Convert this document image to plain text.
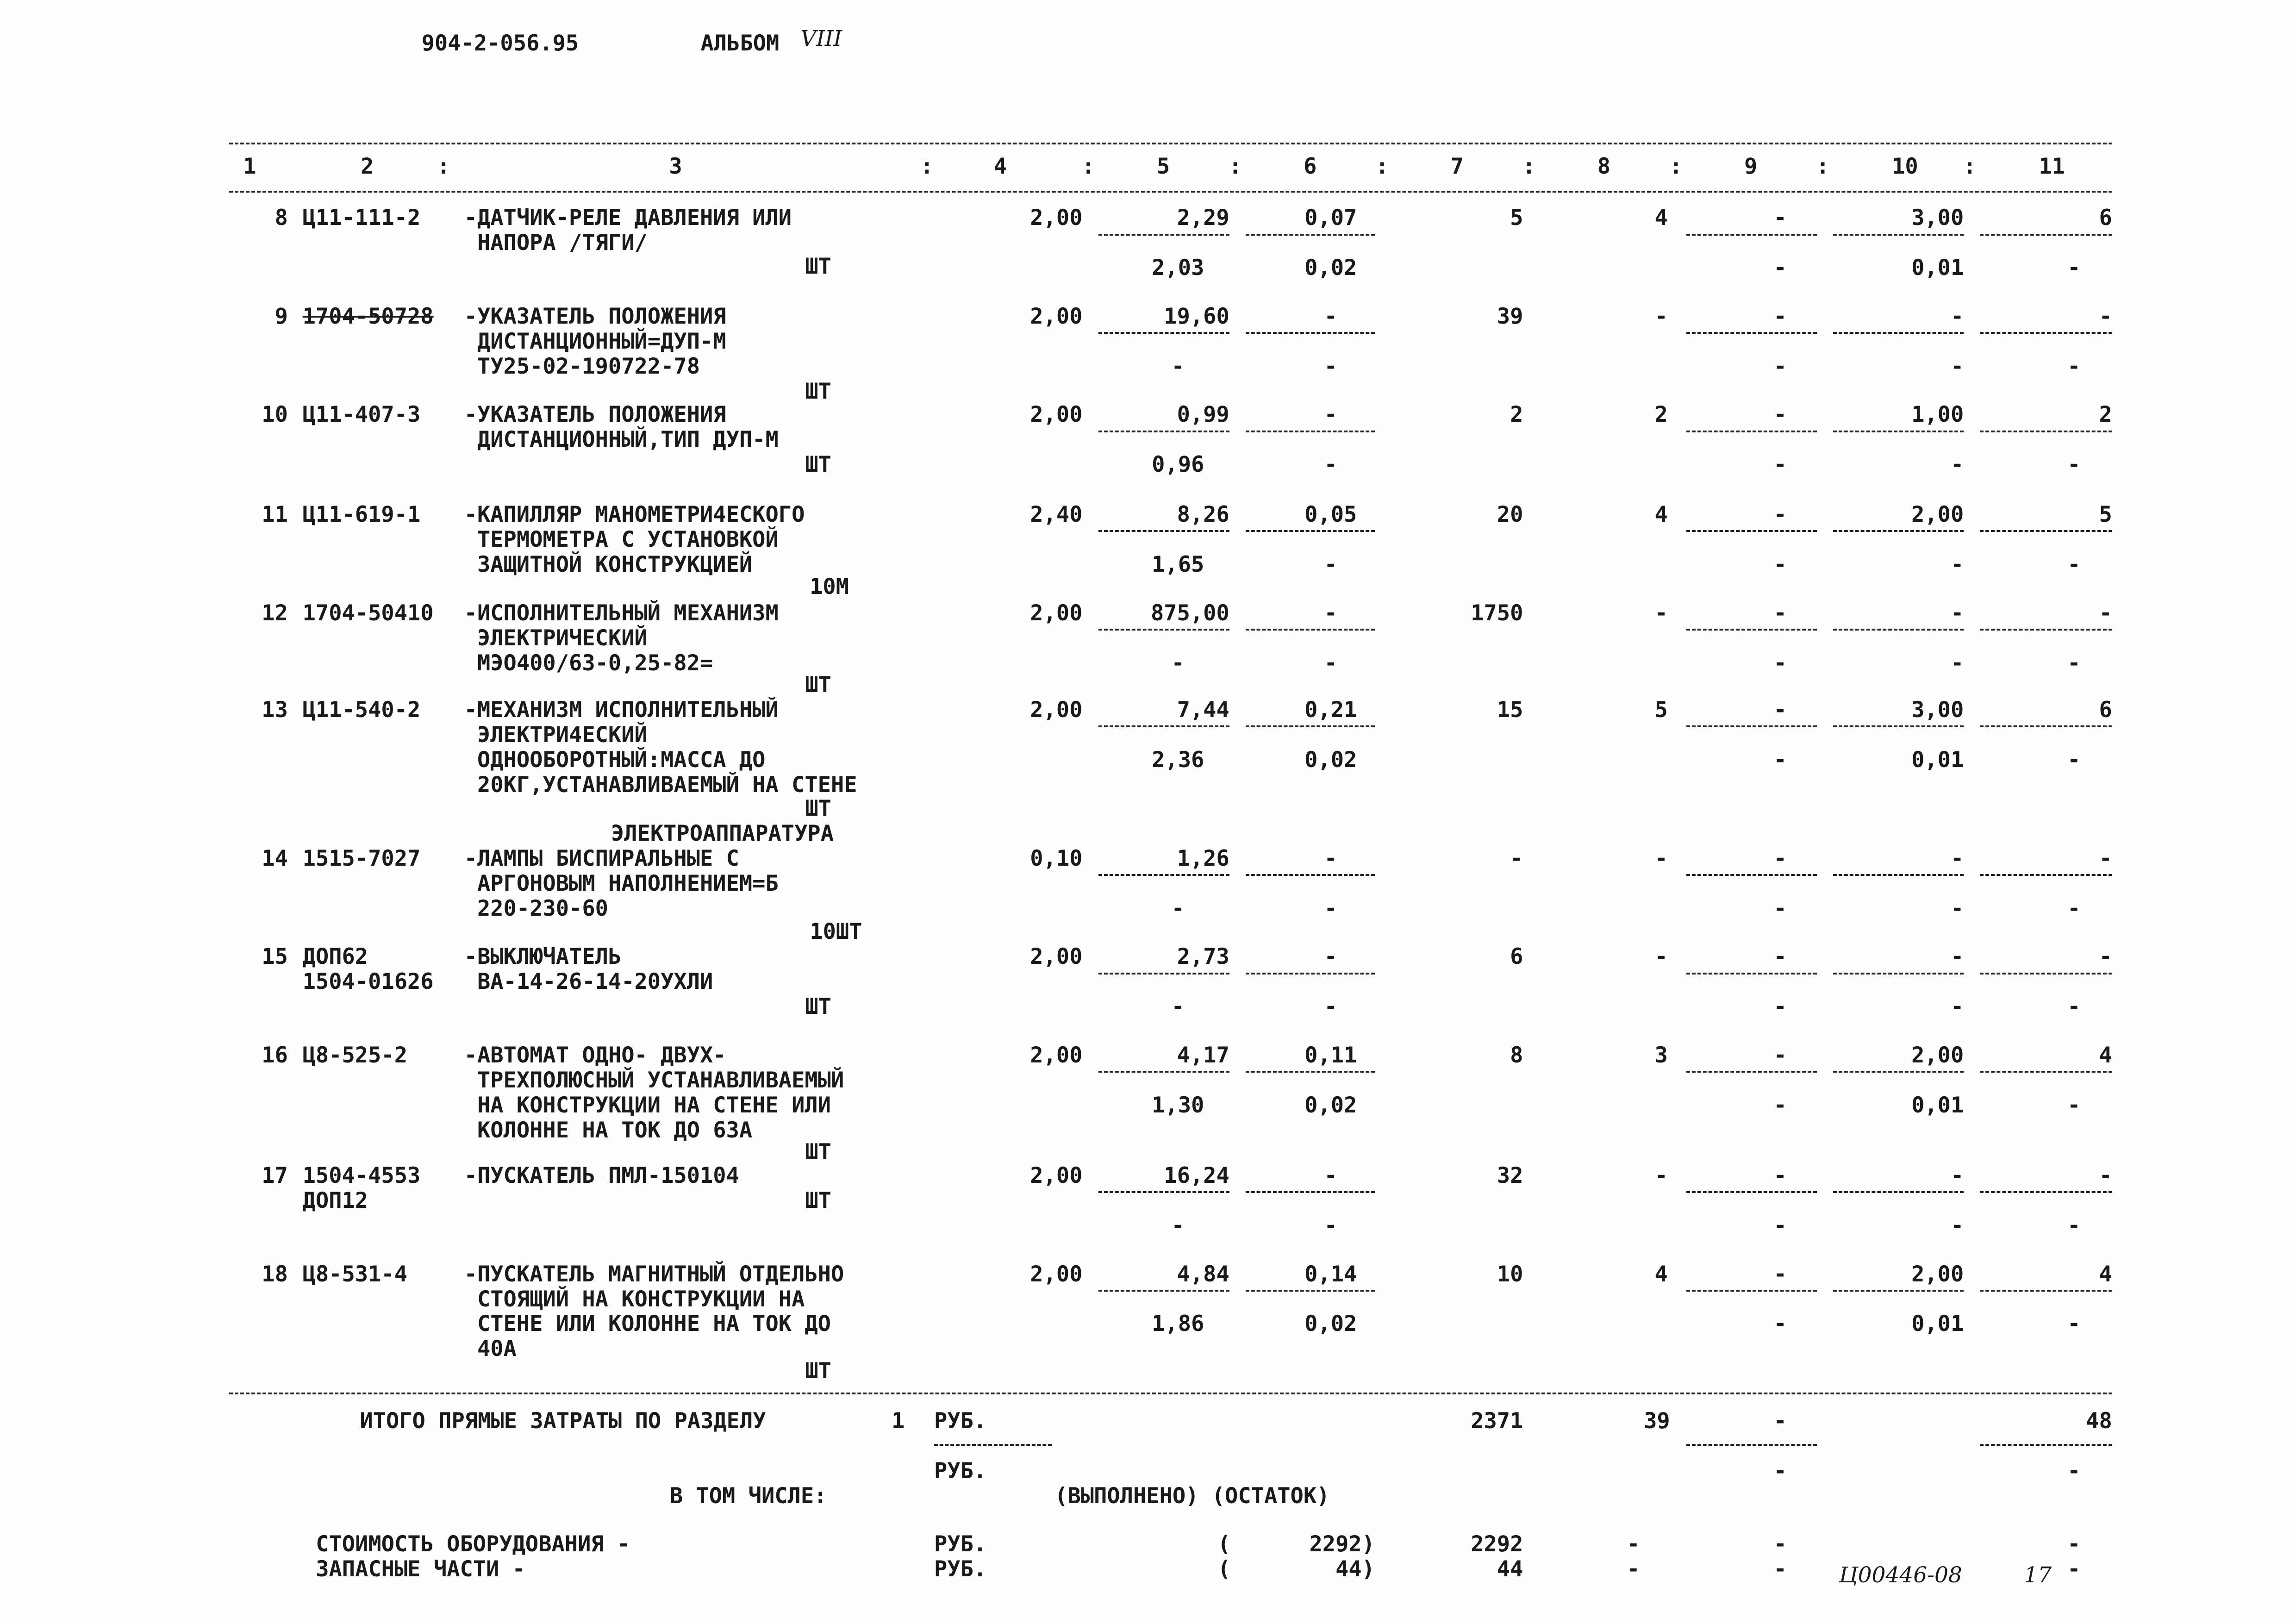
904-2-056.95	АЛЬБОМ VIII
1	2	3	4	5	6	7	8	9	10	11
:	:	:	:	:	:	:	:	:
8 Ц11-111-2 -ДАТЧИК-РЕЛЕ ДАВЛЕНИЯ ИЛИ
НАПОРА /ТЯГИ/
ШТ
2,00	2,29	0,07	5	4	-	3,00	6
2,03	0,02	-	0,01	-
9 1704-50728 -УКАЗАТЕЛЬ ПОЛОЖЕНИЯ
ДИСТАНЦИОННЫЙ=ДУП-М
ТУ25-02-190722-78
ШТ
2,00	19,60	-	39	-	-	-	-
-	-	-	-	-
10 Ц11-407-3 -УКАЗАТЕЛЬ ПОЛОЖЕНИЯ
ДИСТАНЦИОННЫЙ,ТИП ДУП-М
ШТ
2,00	0,99	-	2	2	-	1,00	2
0,96	-	-	-	-
11 Ц11-619-1 -КАПИЛЛЯР МАНОМЕТРИ4ЕСКОГО
ТЕРМОМЕТРА С УСТАНОВКОЙ
ЗАЩИТНОЙ КОНСТРУКЦИЕЙ
10М
2,40	8,26	0,05	20	4	-	2,00	5
1,65	-	-	-	-
12 1704-50410 -ИСПОЛНИТЕЛЬНЫЙ МЕХАНИЗМ
ЭЛЕКТРИЧЕСКИЙ
МЭО400/63-0,25-82=
ШТ
2,00	875,00	-	1750	-	-	-	-
-	-	-	-	-
13 Ц11-540-2 -МЕХАНИЗМ ИСПОЛНИТЕЛЬНЫЙ
ЭЛЕКТРИ4ЕСКИЙ
ОДНООБОРОТНЫЙ:МАССА ДО
20КГ,УСТАНАВЛИВАЕМЫЙ НА СТЕНЕ
ШТ
2,00	7,44	0,21	15	5	-	3,00	6
2,36	0,02	-	0,01	-
14 1515-7027 -ЛАМПЫ БИСПИРАЛЬНЫЕ С
АРГОНОВЫМ НАПОЛНЕНИЕМ=Б
220-230-60
10ШТ
0,10	1,26	-	-	-	-	-	-
-	-	-	-	-
15 ДОП62
1504-01626
-ВЫКЛЮЧАТЕЛЬ
ВА-14-26-14-20УХЛИ
ШТ
2,00	2,73	-	6	-	-	-	-
-	-	-	-	-
16 Ц8-525-2	-АВТОМАТ ОДНО- ДВУХ-
ТРЕХПОЛЮСНЫЙ УСТАНАВЛИВАЕМЫЙ
НА КОНСТРУКЦИИ НА СТЕНЕ ИЛИ
КОЛОННЕ НА ТОК ДО 63А
ШТ
2,00	4,17	0,11	8	3	-	2,00	4
1,30	0,02	-	0,01	-
17 1504-4553
ДОП12
-ПУСКАТЕЛЬ ПМЛ-150104
ШТ
2,00	16,24	-	32	-	-	-	-
-	-	-	-	-
18 Ц8-531-4	-ПУСКАТЕЛЬ МАГНИТНЫЙ ОТДЕЛЬНО
СТОЯЩИЙ НА КОНСТРУКЦИИ НА
СТЕНЕ ИЛИ КОЛОННЕ НА ТОК ДО
40А
ШТ
2,00	4,84	0,14	10	4	-	2,00	4
1,86	0,02	-	0,01	-
ЭЛЕКТРОАППАРАТУРА
ИТОГО ПРЯМЫЕ ЗАТРАТЫ ПО РАЗДЕЛУ	1 РУБ.	2371	39	-	48
РУБ.	-	-
В ТОМ ЧИСЛЕ:	(ВЫПОЛНЕНО) (ОСТАТОК)
СТОИМОСТЬ ОБОРУДОВАНИЯ -	РУБ.	(      2292)	2292	-	-	-
ЗАПАСНЫЕ ЧАСТИ -	РУБ.	(        44)	44	-	-	-
Ц00446-08	17
